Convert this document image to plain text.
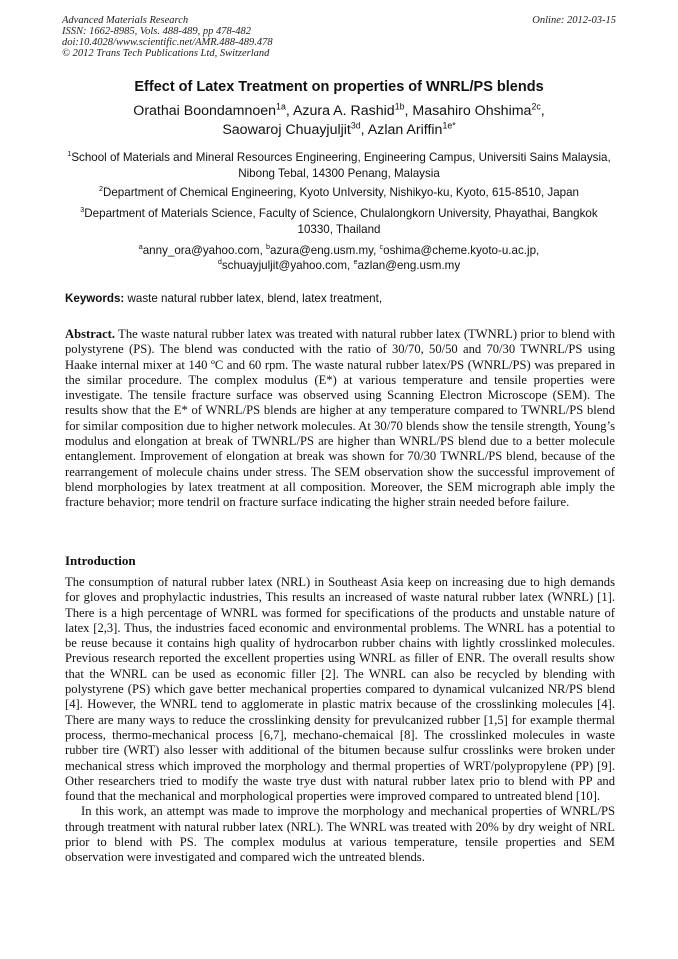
Advanced Materials Research
ISSN: 1662-8985, Vols. 488-489, pp 478-482
doi:10.4028/www.scientific.net/AMR.488-489.478
© 2012 Trans Tech Publications Ltd, Switzerland
Online: 2012-03-15
Effect of Latex Treatment on properties of WNRL/PS blends
Orathai Boondamnoen$^{1a}$, Azura A. Rashid$^{1b}$, Masahiro Ohshima$^{2c}$,
Saowaroj Chuayjuljit$^{3d}$, Azlan Ariffin$^{1e*}$
$^1$School of Materials and Mineral Resources Engineering, Engineering Campus, Universiti Sains Malaysia, Nibong Tebal, 14300 Penang, Malaysia
$^2$Department of Chemical Engineering, Kyoto UnIversity, Nishikyo-ku, Kyoto, 615-8510, Japan
$^3$Department of Materials Science, Faculty of Science, Chulalongkorn University, Phayathai, Bangkok 10330, Thailand
$^a$anny_ora@yahoo.com, $^b$azura@eng.usm.my, $^c$oshima@cheme.kyoto-u.ac.jp,
$^d$schuayjuljit@yahoo.com, $^e$azlan@eng.usm.my
Keywords: waste natural rubber latex, blend, latex treatment,
Abstract. The waste natural rubber latex was treated with natural rubber latex (TWNRL) prior to blend with polystyrene (PS). The blend was conducted with the ratio of 30/70, 50/50 and 70/30 TWNRL/PS using Haake internal mixer at 140 ºC and 60 rpm. The waste natural rubber latex/PS (WNRL/PS) was prepared in the similar procedure. The complex modulus (E*) at various temperature and tensile properties were investigate. The tensile fracture surface was observed using Scanning Electron Microscope (SEM). The results show that the E* of WNRL/PS blends are higher at any temperature compared to TWNRL/PS blend for similar composition due to higher network molecules. At 30/70 blends show the tensile strength, Young’s modulus and elongation at break of TWNRL/PS are higher than WNRL/PS blend due to a better molecule entanglement. Improvement of elongation at break was shown for 70/30 TWNRL/PS blend, because of the rearrangement of molecule chains under stress. The SEM observation show the successful improvement of blend morphologies by latex treatment at all composition. Moreover, the SEM micrograph able imply the fracture behavior; more tendril on fracture surface indicating the higher strain needed before failure.
Introduction

The consumption of natural rubber latex (NRL) in Southeast Asia keep on increasing due to high demands for gloves and prophylactic industries, This results an increased of waste natural rubber latex (WNRL) [1]. There is a high percentage of WNRL was formed for specifications of the products and unstable nature of latex [2,3]. Thus, the industries faced economic and environmental problems. The WNRL has a potential to be reuse because it contains high quality of hydrocarbon rubber chains with lightly crosslinked molecules. Previous research reported the excellent properties using WNRL as filler of ENR. The overall results show that the WNRL can be used as economic filler [2]. The WNRL can also be recycled by blending with polystyrene (PS) which gave better mechanical properties compared to dynamical vulcanized NR/PS blend [4]. However, the WNRL tend to agglomerate in plastic matrix because of the crosslinking molecules [4]. There are many ways to reduce the crosslinking density for prevulcanized rubber [1,5] for example thermal process, thermo-mechanical process [6,7], mechano-chemaical [8]. The crosslinked molecules in waste rubber tire (WRT) also lesser with additional of the bitumen because sulfur crosslinks were broken under mechanical stress which improved the morphology and thermal properties of WRT/polypropylene (PP) [9]. Other researchers tried to modify the waste trye dust with natural rubber latex prio to blend with PP and found that the mechanical and morphological properties were improved compared to untreated blend [10].

In this work, an attempt was made to improve the morphology and mechanical properties of WNRL/PS through treatment with natural rubber latex (NRL). The WNRL was treated with 20% by dry weight of NRL prior to blend with PS. The complex modulus at various temperature, tensile properties and SEM observation were investigated and compared wich the untreated blends.
